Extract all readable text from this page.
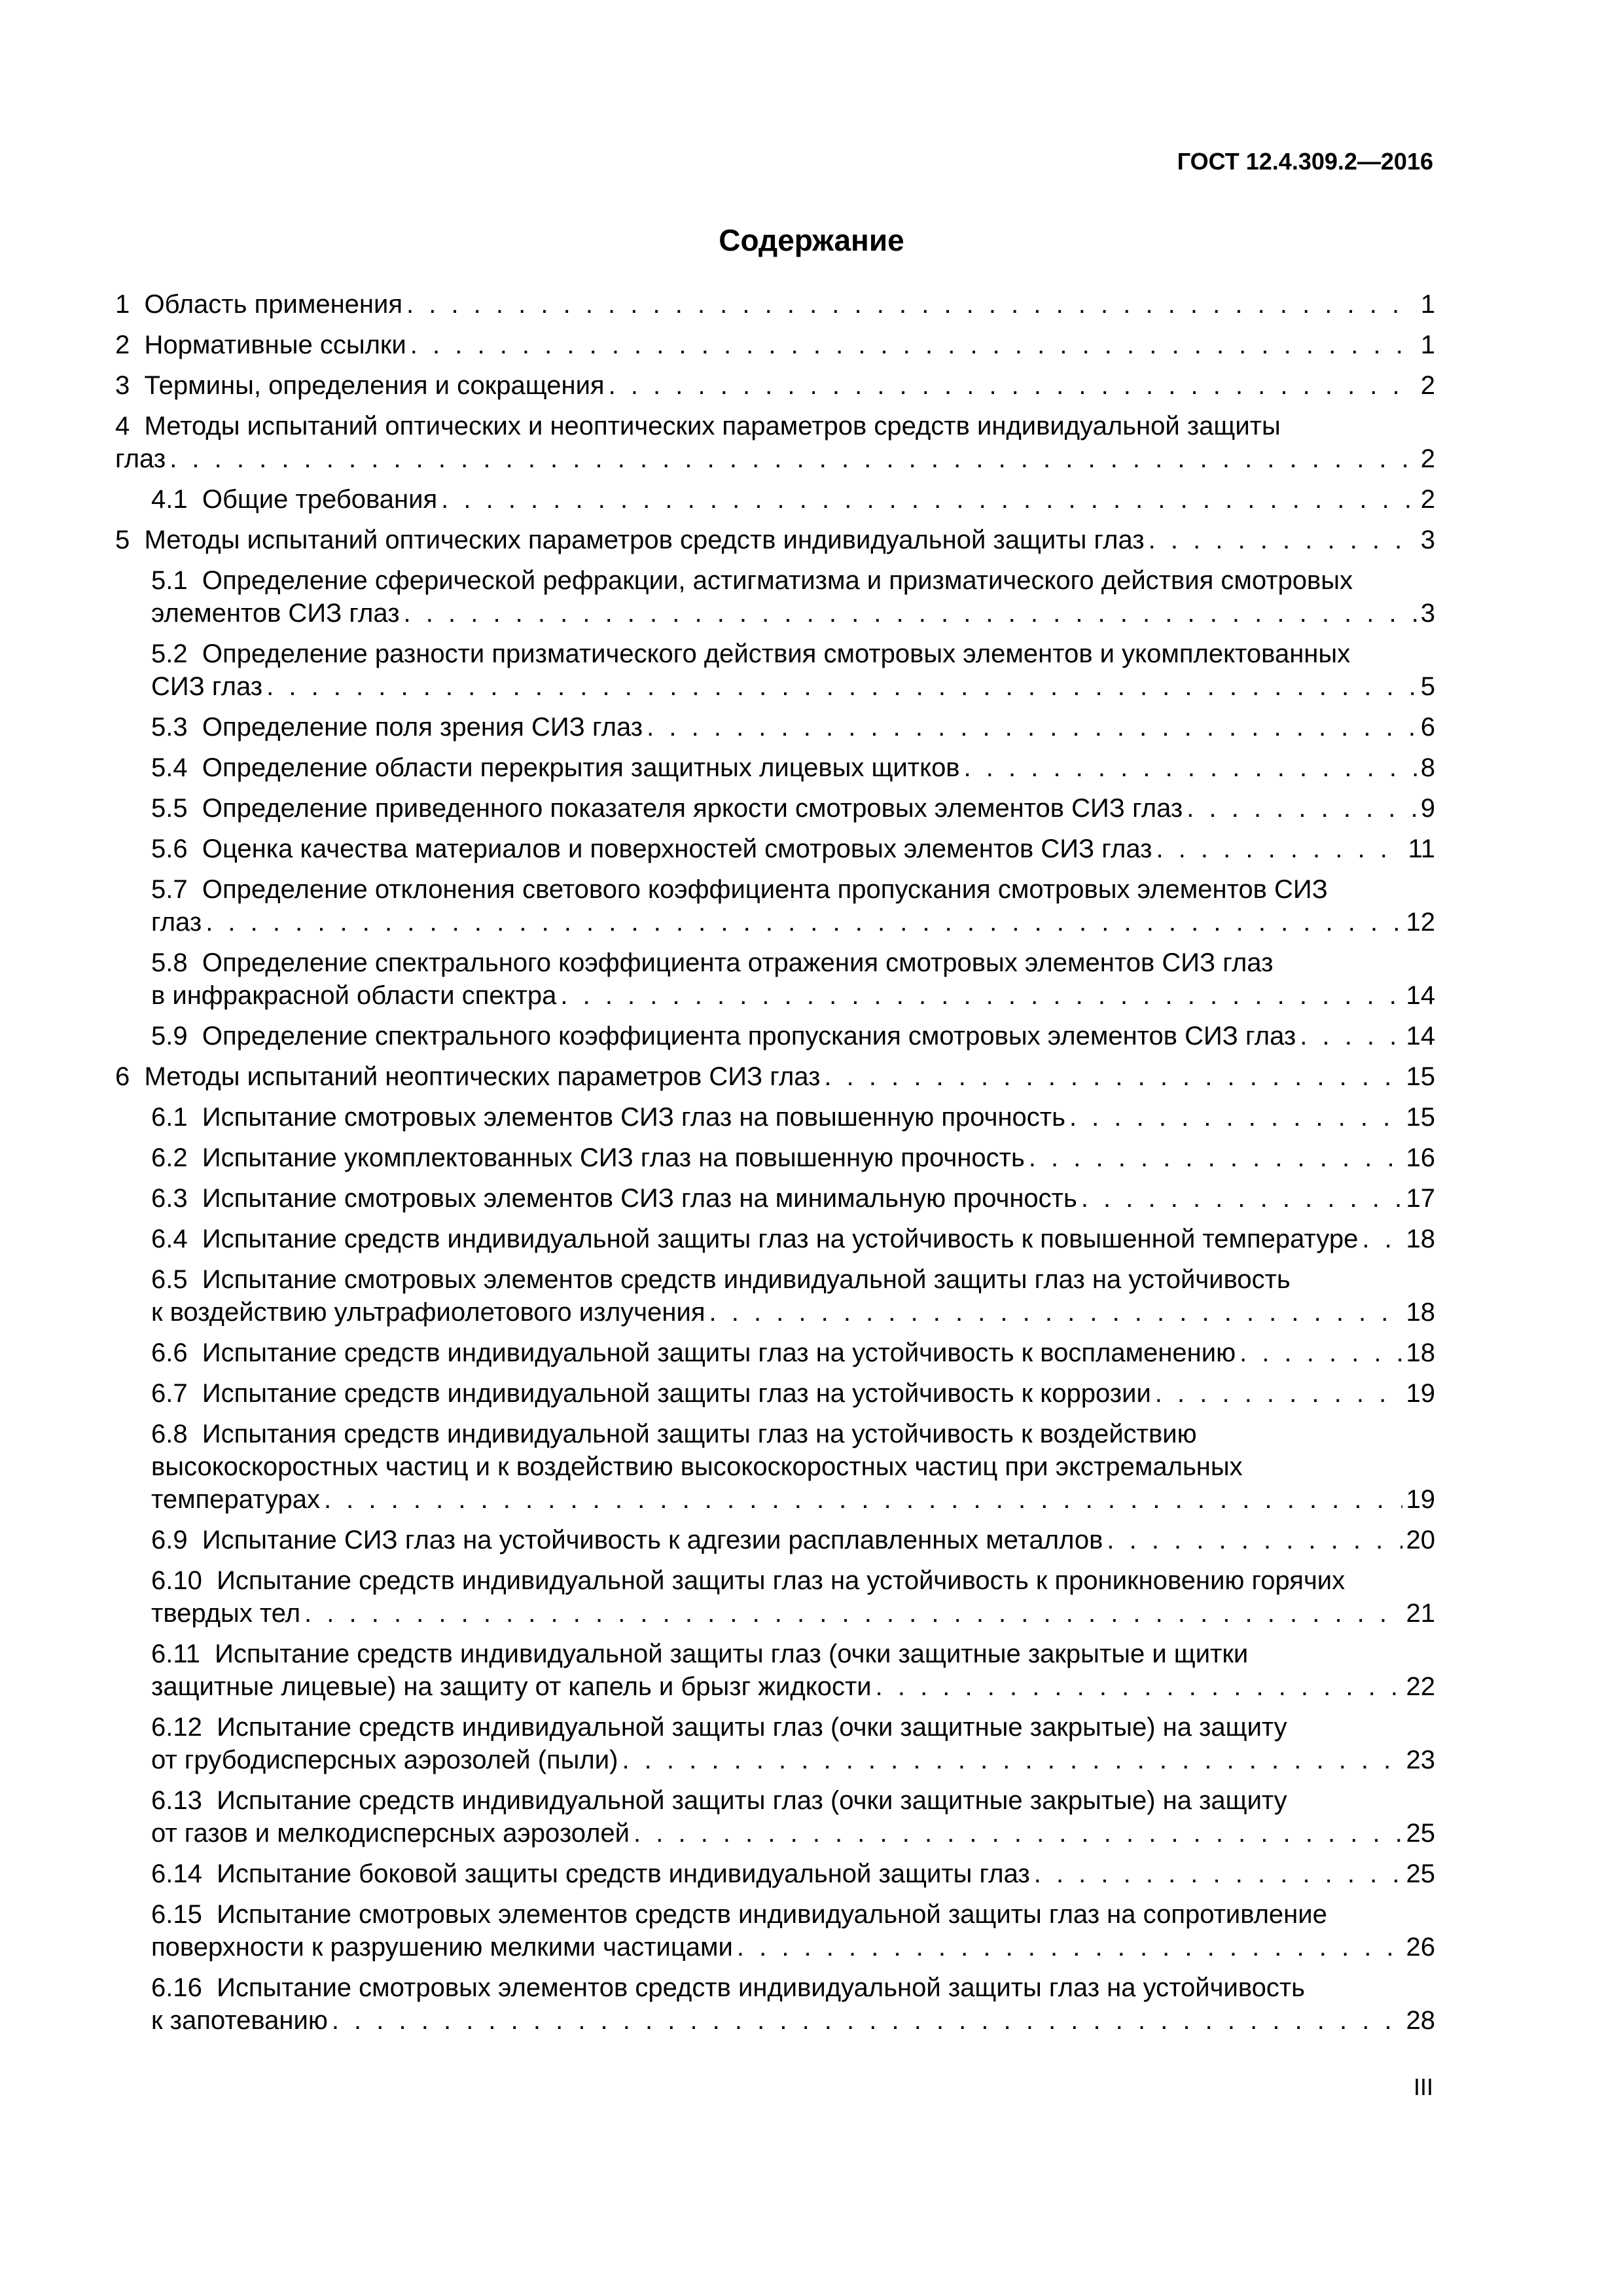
ГОСТ 12.4.309.2—2016

Содержание
1 Область применения . . .	1
2 Нормативные ссылки . . .	1
3 Термины, определения и сокращения . . .	2
4 Методы испытаний оптических и неоптических параметров средств индивидуальной защиты
глаз . . .	2
4.1 Общие требования . . .	2
5 Методы испытаний оптических параметров средств индивидуальной защиты глаз . . .	3
5.1 Определение сферической рефракции, астигматизма и призматического действия смотровых
элементов СИЗ глаз . . .	3
5.2 Определение разности призматического действия смотровых элементов и укомплектованных
СИЗ глаз . . .	5
5.3 Определение поля зрения СИЗ глаз . . .	6
5.4 Определение области перекрытия защитных лицевых щитков . . .	8
5.5 Определение приведенного показателя яркости смотровых элементов СИЗ глаз . . .	9
5.6 Оценка качества материалов и поверхностей смотровых элементов СИЗ глаз . . .	11
5.7 Определение отклонения светового коэффициента пропускания смотровых элементов СИЗ
глаз . . .	12
5.8 Определение спектрального коэффициента отражения смотровых элементов СИЗ глаз
в инфракрасной области спектра . . .	14
5.9 Определение спектрального коэффициента пропускания смотровых элементов СИЗ глаз . . .	14
6 Методы испытаний неоптических параметров СИЗ глаз . . .	15
6.1 Испытание смотровых элементов СИЗ глаз на повышенную прочность . . .	15
6.2 Испытание укомплектованных СИЗ глаз на повышенную прочность . . .	16
6.3 Испытание смотровых элементов СИЗ глаз на минимальную прочность . . .	17
6.4 Испытание средств индивидуальной защиты глаз на устойчивость к повышенной температуре . . . 18
6.5 Испытание смотровых элементов средств индивидуальной защиты глаз на устойчивость
к воздействию ультрафиолетового излучения . . .	18
6.6 Испытание средств индивидуальной защиты глаз на устойчивость к воспламенению . . .	18
6.7 Испытание средств индивидуальной защиты глаз на устойчивость к коррозии . . .	19
6.8 Испытания средств индивидуальной защиты глаз на устойчивость к воздействию
высокоскоростных частиц и к воздействию высокоскоростных частиц при экстремальных
температурах . . .	19
6.9 Испытание СИЗ глаз на устойчивость к адгезии расплавленных металлов . . .	20
6.10 Испытание средств индивидуальной защиты глаз на устойчивость к проникновению горячих
твердых тел . . .	21
6.11 Испытание средств индивидуальной защиты глаз (очки защитные закрытые и щитки
защитные лицевые) на защиту от капель и брызг жидкости . . .	22
6.12 Испытание средств индивидуальной защиты глаз (очки защитные закрытые) на защиту
от грубодисперсных аэрозолей (пыли) . . .	23
6.13 Испытание средств индивидуальной защиты глаз (очки защитные закрытые) на защиту
от газов и мелкодисперсных аэрозолей . . .	25
6.14 Испытание боковой защиты средств индивидуальной защиты глаз . . .	25
6.15 Испытание смотровых элементов средств индивидуальной защиты глаз на сопротивление
поверхности к разрушению мелкими частицами . . .	26
6.16 Испытание смотровых элементов средств индивидуальной защиты глаз на устойчивость
к запотеванию . . .	28

III
